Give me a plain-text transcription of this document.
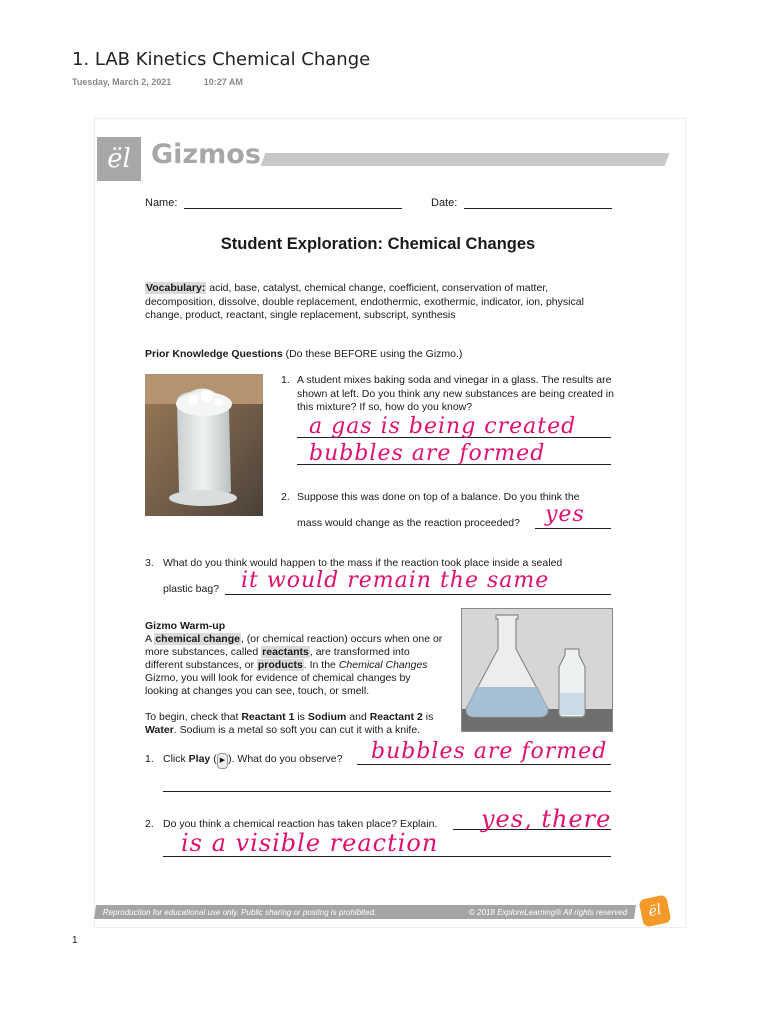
1. LAB Kinetics Chemical Change
Tuesday, March 2, 2021	10:27 AM
ël Gizmos
Name:	Date:
Student Exploration: Chemical Changes
Vocabulary: acid, base, catalyst, chemical change, coefficient, conservation of matter, decomposition, dissolve, double replacement, endothermic, exothermic, indicator, ion, physical change, product, reactant, single replacement, subscript, synthesis
Prior Knowledge Questions (Do these BEFORE using the Gizmo.)
1. A student mixes baking soda and vinegar in a glass. The results are shown at left. Do you think any new substances are being created in this mixture? If so, how do you know?
a gas is being created
bubbles are formed
2. Suppose this was done on top of a balance. Do you think the
mass would change as the reaction proceeded? yes
3. What do you think would happen to the mass if the reaction took place inside a sealed
plastic bag? it would remain the same
Gizmo Warm-up
A chemical change, (or chemical reaction) occurs when one or more substances, called reactants, are transformed into different substances, or products. In the Chemical Changes Gizmo, you will look for evidence of chemical changes by looking at changes you can see, touch, or smell.
To begin, check that Reactant 1 is Sodium and Reactant 2 is Water. Sodium is a metal so soft you can cut it with a knife.
1. Click Play ( ▶ ). What do you observe? bubbles are formed
2. Do you think a chemical reaction has taken place? Explain. yes, there
is a visible reaction
Reproduction for educational use only. Public sharing or posting is prohibited.	© 2018 ExploreLearning® All rights reserved	ël
1
